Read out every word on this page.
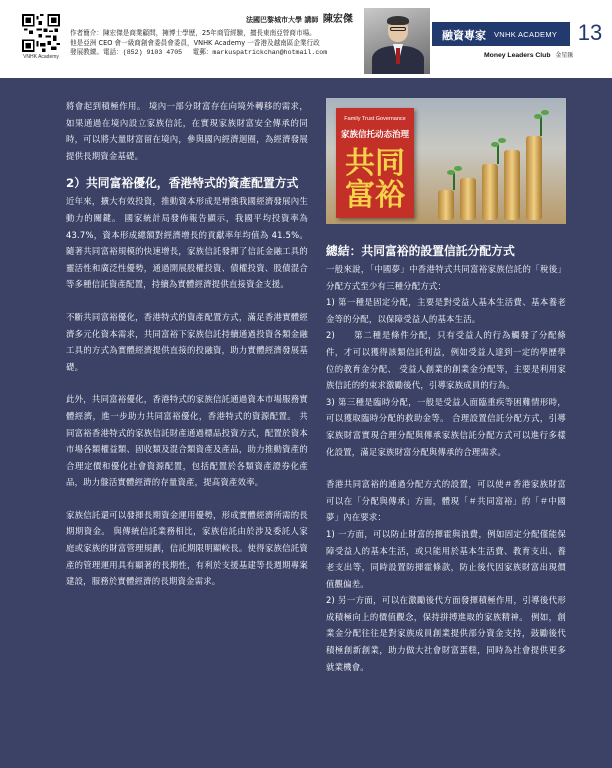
VNHK Academy
法國巴黎城市大學 講師 陳宏傑
作者簡介：陳宏傑是商業顧問，擁博士學歷，25年商管經驗，擅長東南亞營商市場。
他是亞洲 CEO 會一級商創會委員會委員，VNHK Academy 一香港及越南區企業行政
發展教練。電話：(852) 9103 4705　 電郵：markuspatrickchan@hotmail.com
融資專家 VNHK ACADEMY 13
Money Leaders Club 金星匯

將會起到積極作用。 境內一部分財富存在向境外轉移的需求，如果通過在境內設立家族信託，在實現家族財富安全傳承的同時，可以將大量財富留在境內，參與國內經濟迴圈，為經濟發展提供長期資金基礎。

2）共同富裕優化，香港特式的資產配置方式

近年來，擴大有效投資，推動資本形成是增強我國經濟發展內生動力的關鍵。 國家統計局發佈報告顯示，我國平均投資率為 43.7%，資本形成總額對經濟增長的貢獻率年均值為 41.5%。 隨著共同富裕規模的快速增長，家族信託發揮了信託金融工具的靈活性和廣泛性優勢，通過開展股權投資、債權投資、股債混合等多種信託資產配置，持續為實體經濟提供直接資金支援。

不斷共同富裕優化，香港特式的資產配置方式，滿足香港實體經濟多元化資本需求，共同富裕下家族信託持續通過投資各類金融工具的方式為實體經濟提供直接的投融資，助力實體經濟發展基礎。

此外，共同富裕優化，香港特式的家族信託通過資本市場服務實體經濟，進一步助力共同富裕優化，香港特式的資源配置。 共同富裕香港特式的家族信託財產通過標品投資方式，配置於資本市場各類權益類、固收類及混合類資產及產品，助力推動資產的合理定價和優化社會資源配置，包括配置於各類資產證券化產品，助力盤活實體經濟的存量資產，提高資產效率。

家族信託還可以發揮長期資金運用優勢，形成實體經濟所需的長期期資金。 與傳統信託業務相比，家族信託由於涉及委託人家庭或家族的財富管理規劃，信託期限明顯較長。使得家族信託資產的管理運用具有顯著的長期性，有利於支援基建等長週期專案建設，服務於實體經濟的長期資金需求。

Family Trust Governance
家族信托动态治理
共同富裕
總結：共同富裕的設置信託分配方式

一般來說，「中國夢」中香港特式共同富裕家族信託的「稅後」分配方式至少有三種分配方式：

1) 第一種是固定分配，主要是對受益人基本生活費、基本養老金等的分配，以保障受益人的基本生活。

2)　　第二種是條件分配，只有受益人的行為觸發了分配條件，才可以獲得該類信託利益，例如受益人達到一定的學歷學位的教育金分配、 受益人創業的創業金分配等，主要是利用家族信託的約束求激勵後代，引導家族成員的行為。

3) 第三種是臨時分配，一般是受益人面臨重疾等困難情形時，可以獲取臨時分配的救助金等。 合理設置信託分配方式，引導家族財富實現合理分配與傳承家族信託分配方式可以進行多樣化設置，滿足家族財富分配與傳承的合理需求。

香港共同富裕的通過分配方式的設置，可以使＃香港家族財富 可以在「分配與傳承」方面，體現「＃共同富裕」的「＃中國夢」內在要求：

1) 一方面，可以防止財富的揮霍與浪費，例如固定分配僅能保障受益人的基本生活，或只能用於基本生活費、教育支出、養老支出等，同時設置防揮霍條款，防止後代因家族財富出現價值觀偏差。

2) 另一方面，可以在激勵後代方面發揮積極作用，引導後代形成積極向上的價值觀念，保持拼搏進取的家族精神。 例如，創業金分配往往是對家族成員創業提供部分資金支持，鼓勵後代積極創新創業，助力做大社會財富蛋糕，同時為社會提供更多就業機會。
